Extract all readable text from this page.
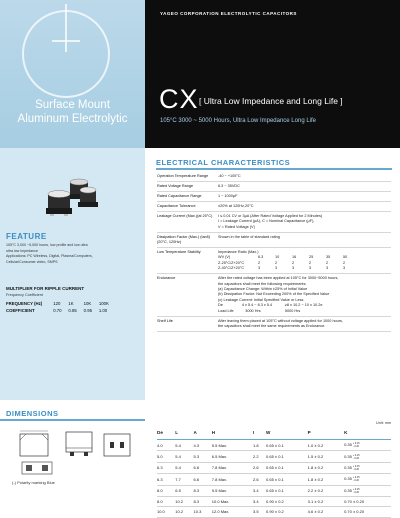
Surface Mount
Aluminum Electrolytic
YAGEO CORPORATION ELECTROLYTIC CAPACITORS
CX [ Ultra Low Impedance and Long Life ]
105°C 3000 ~ 5000 Hours, Ultra Low Impedance Long Life
FEATURE
105°C 3,000 ~5,000 hours, low profile and low ultra
ultra low impedance
Applications: PC Wireless, Digital, Plasma/Computers,
Cellular/Consumer video, SMPS
MULTIPLIER FOR RIPPLE CURRENT
Frequency Coefficient
FREQUENCY (Hz)	120 1K 10K 100K
COEFFICIENT	0.70 0.85 0.95 1.00
ELECTRICAL CHARACTERISTICS
Operation Temperature Range	-40 ~ +105°C
Rated Voltage Range	6.3 ~ 35VDC
Rated Capacitance Range	1 ~ 1000μF
Capacitance Tolerance	±20% at 120Hz,20°C
Leakage Current (Max.)(at 20°C)	I ≤ 0.01 CV or 3μA (After Rated Voltage Applied for 2 Minutes)
I = Leakage Current (μA), C = Nominal Capacitance (μF),
V = Rated Voltage (V)
Dissipation Factor (Max.) (tanδ)
(20°C, 120Hz)
Shown in the table of standard rating
Low Temperature Stability	Impedance Ratio (Max.)
WV (V)	6.3	10	16	25	35	50
Z-25°C/Z+20°C	2	2	2	2	2	2
Z-40°C/Z+20°C	3	3	3	3	3	3
Endurance	After the rated voltage has been applied at 105°C for 3000~5000 hours,
the capacitors shall meet the following requirements:
(a) Capacitance Change: Within ±25% of Initial Value
(b) Dissipation Factor: Not Exceeding 200% of the Specified Value
(c) Leakage Current: Initial Specified Value or Less
De                  4 x 5.4 ~ 6.3 x 5.4            ≥8 x 10.2 ~ 10 x 10.2e
Load Life           3000 Hrs                       5000 Hrs
Shelf Life	After leaving them placed at 105°C without voltage applied for 1000 hours,
the capacitors shall meet the same requirements as Endurance.
DIMENSIONS
(-) Polarity marking Blue
Unit: mm
De	L	A	H	I	W	P	K
4.0	5.4	4.3	5.5 Max.	1.8	0.65 ± 0.1	1.0 ± 0.2	0.35+ 0.15
- 0.20
5.0	5.4	5.3	6.5 Max.	2.2	0.65 ± 0.1	1.5 ± 0.2	0.35+ 0.15
- 0.20
6.3	5.4	6.6	7.8 Max.	2.6	0.65 ± 0.1	1.8 ± 0.2	0.35+ 0.15
- 0.20
6.3	7.7	6.6	7.8 Max.	2.6	0.65 ± 0.1	1.8 ± 0.2	0.35+ 0.15
- 0.20
8.0	6.5	8.3	9.5 Max.	3.4	0.65 ± 0.1	2.2 ± 0.2	0.35+ 0.15
- 0.20
8.0	10.2	8.3	10.0 Max.	3.4	0.90 ± 0.2	3.1 ± 0.2	0.70 ± 0.20
10.0	10.2	10.3	12.0 Max.	3.5	0.90 ± 0.2	4.6 ± 0.2	0.70 ± 0.20
